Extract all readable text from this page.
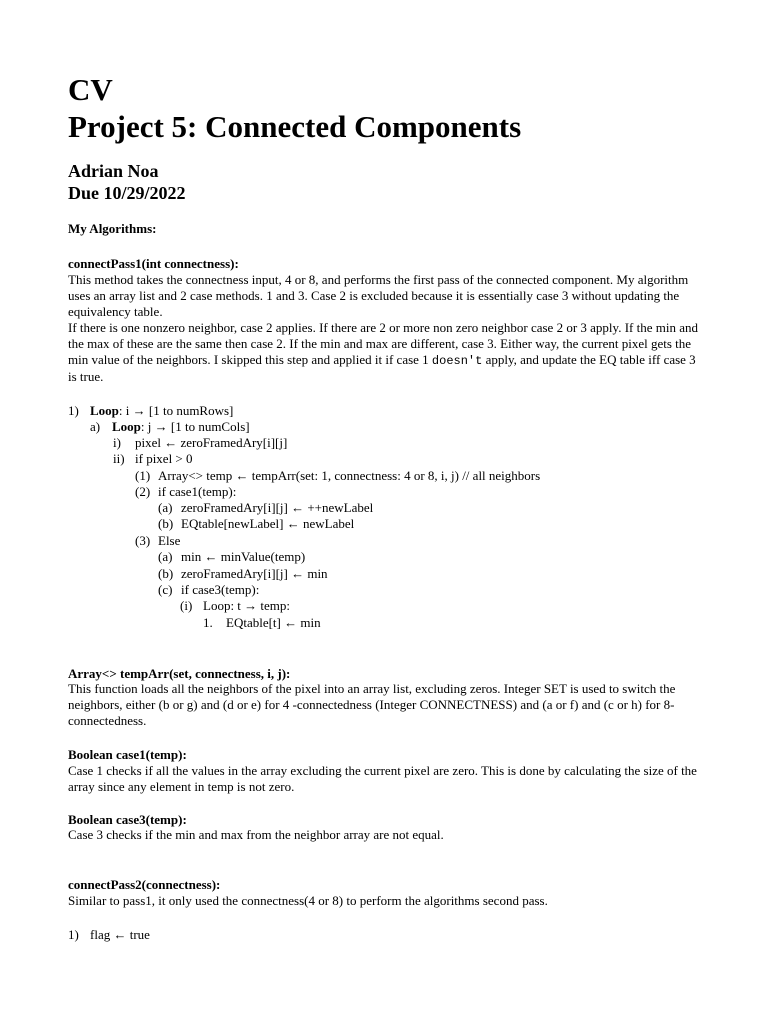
CV
Project 5: Connected Components
Adrian Noa
Due 10/29/2022
My Algorithms:
connectPass1(int connectness):

This method takes the connectness input, 4 or 8, and performs the first pass of the connected component. My algorithm uses an array list and 2 case methods. 1 and 3. Case 2 is excluded because it is essentially case 3 without updating the equivalency table.

If there is one nonzero neighbor, case 2 applies. If there are 2 or more non zero neighbor case 2 or 3 apply. If the min and the max of these are the same then case 2. If the min and max are different, case 3. Either way, the current pixel gets the min value of the neighbors. I skipped this step and applied it if case 1 doesn't apply, and update the EQ table iff case 3 is true.

1) Loop: i → [1 to numRows]
a) Loop: j → [1 to numCols]
i) pixel ← zeroFramedAry[i][j]
ii) if pixel > 0
(1) Array<> temp ← tempArr(set: 1, connectness: 4 or 8, i, j) // all neighbors
(2) if case1(temp):
(a) zeroFramedAry[i][j] ← ++newLabel
(b) EQtable[newLabel] ← newLabel
(3) Else
(a) min ← minValue(temp)
(b) zeroFramedAry[i][j] ← min
(c) if case3(temp):
(i) Loop: t → temp:
1. EQtable[t] ← min
Array<> tempArr(set, connectness, i, j):
This function loads all the neighbors of the pixel into an array list, excluding zeros. Integer SET is used to switch the neighbors, either (b or g) and (d or e) for 4 -connectedness (Integer CONNECTNESS) and (a or f) and (c or h) for 8-connectedness.
Boolean case1(temp):
Case 1 checks if all the values in the array excluding the current pixel are zero. This is done by calculating the size of the array since any element in temp is not zero.
Boolean case3(temp):
Case 3 checks if the min and max from the neighbor array are not equal.
connectPass2(connectness):
Similar to pass1, it only used the connectness(4 or 8) to perform the algorithms second pass.
1) flag ← true
